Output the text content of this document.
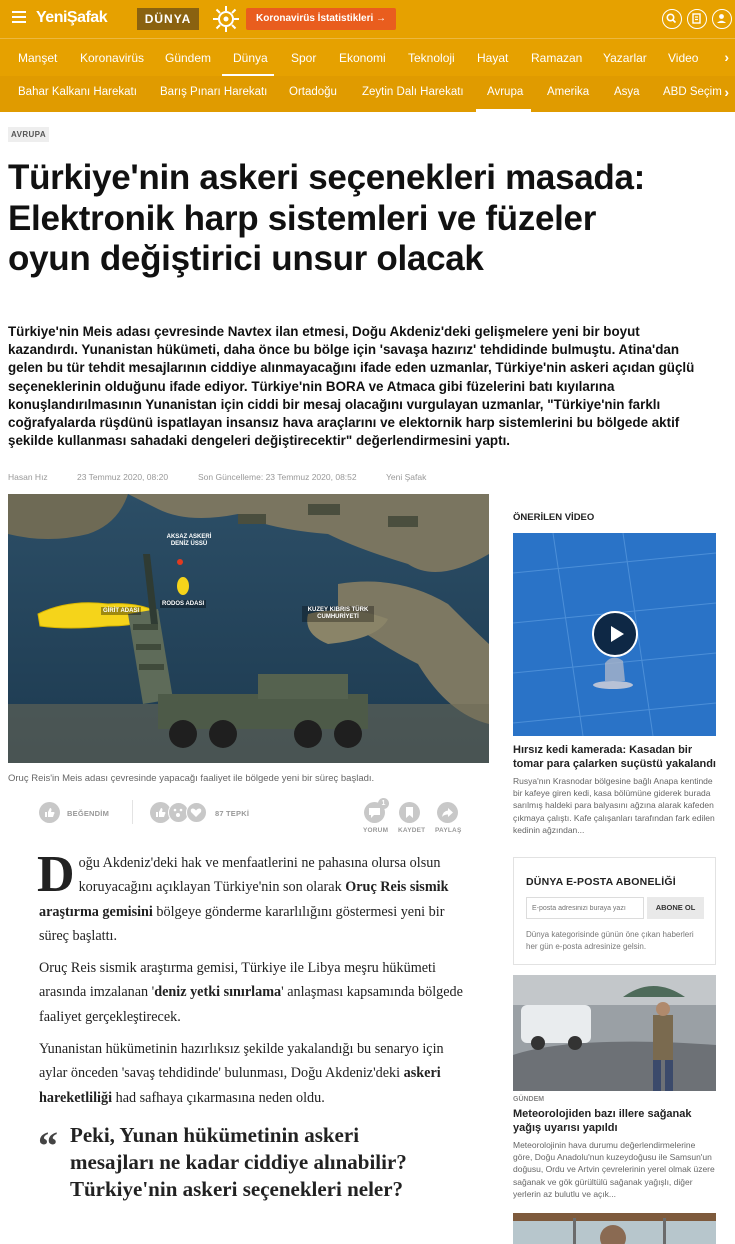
YeniŞafak	DÜNYA	Koronavirüs İstatistikleri →
Manşet Koronavirüs Gündem Dünya Spor Ekonomi Teknoloji Hayat Ramazan Yazarlar Video ›
Bahar Kalkanı Harekatı Barış Pınarı Harekatı Ortadoğu Zeytin Dalı Harekatı Avrupa Amerika Asya ABD Seçim ›
AVRUPA
Türkiye'nin askeri seçenekleri masada: Elektronik harp sistemleri ve füzeler oyun değiştirici unsur olacak

Türkiye'nin Meis adası çevresinde Navtex ilan etmesi, Doğu Akdeniz'deki gelişmelere yeni bir boyut kazandırdı. Yunanistan hükümeti, daha önce bu bölge için 'savaşa hazırız' tehdidinde bulmuştu. Atina'dan gelen bu tür tehdit mesajlarının ciddiye alınmayacağını ifade eden uzmanlar, Türkiye'nin askeri açıdan güçlü seçeneklerinin olduğunu ifade ediyor. Türkiye'nin BORA ve Atmaca gibi füzelerini batı kıyılarına konuşlandırılmasının Yunanistan için ciddi bir mesaj olacağını vurgulayan uzmanlar, "Türkiye'nin farklı coğrafyalarda rüşdünü ispatlayan insansız hava araçlarını ve elektornik harp sistemlerini bu bölgede aktif şekilde kullanması sahadaki dengeleri değiştirecektir" değerlendirmesini yaptı.

Hasan Hız	23 Temmuz 2020, 08:20	Son Güncelleme: 23 Temmuz 2020, 08:52	Yeni Şafak
AKSAZ ASKERİ DENİZ ÜSSÜ
GİRİT ADASI
RODOS ADASI
KUZEY KIBRIS TÜRK CUMHURİYETİ
Oruç Reis'in Meis adası çevresinde yapacağı faaliyet ile bölgede yeni bir süreç başladı.
BEĞENDİM	87 TEPKİ
1
YORUM KAYDET PAYLAŞ
Doğu Akdeniz'deki hak ve menfaatlerini ne pahasına olursa olsun koruyacağını açıklayan Türkiye'nin son olarak Oruç Reis sismik araştırma gemisini bölgeye gönderme kararlılığını göstermesi yeni bir süreç başlattı.
Oruç Reis sismik araştırma gemisi, Türkiye ile Libya meşru hükümeti arasında imzalanan 'deniz yetki sınırlama' anlaşması kapsamında bölgede faaliyet gerçekleştirecek.
Yunanistan hükümetinin hazırlıksız şekilde yakalandığı bu senaryo için aylar önceden 'savaş tehdidinde' bulunması, Doğu Akdeniz'deki askeri hareketliliği had safhaya çıkarmasına neden oldu.
“ Peki, Yunan hükümetinin askeri mesajları ne kadar ciddiye alınabilir? Türkiye'nin askeri seçenekleri neler?
ÖNERİLEN VİDEO
Hırsız kedi kamerada: Kasadan bir tomar para çalarken suçüstü yakalandı
Rusya'nın Krasnodar bölgesine bağlı Anapa kentinde bir kafeye giren kedi, kasa bölümüne giderek burada sarılmış haldeki para balyasını ağzına alarak kafeden çıkmaya çalıştı. Kafe çalışanları tarafından fark edilen kedinin ağzından...
DÜNYA E-POSTA ABONELİĞİ
E-posta adresinizi buraya yazı
ABONE OL
Dünya kategorisinde günün öne çıkan haberleri her gün e-posta adresinize gelsin.
GÜNDEM
Meteorolojiden bazı illere sağanak yağış uyarısı yapıldı
Meteorolojinin hava durumu değerlendirmelerine göre, Doğu Anadolu'nun kuzeydoğusu ile Samsun'un doğusu, Ordu ve Artvin çevrelerinin yerel olmak üzere sağanak ve gök gürültülü sağanak yağışlı, diğer yerlerin az bulutlu ve açık...
